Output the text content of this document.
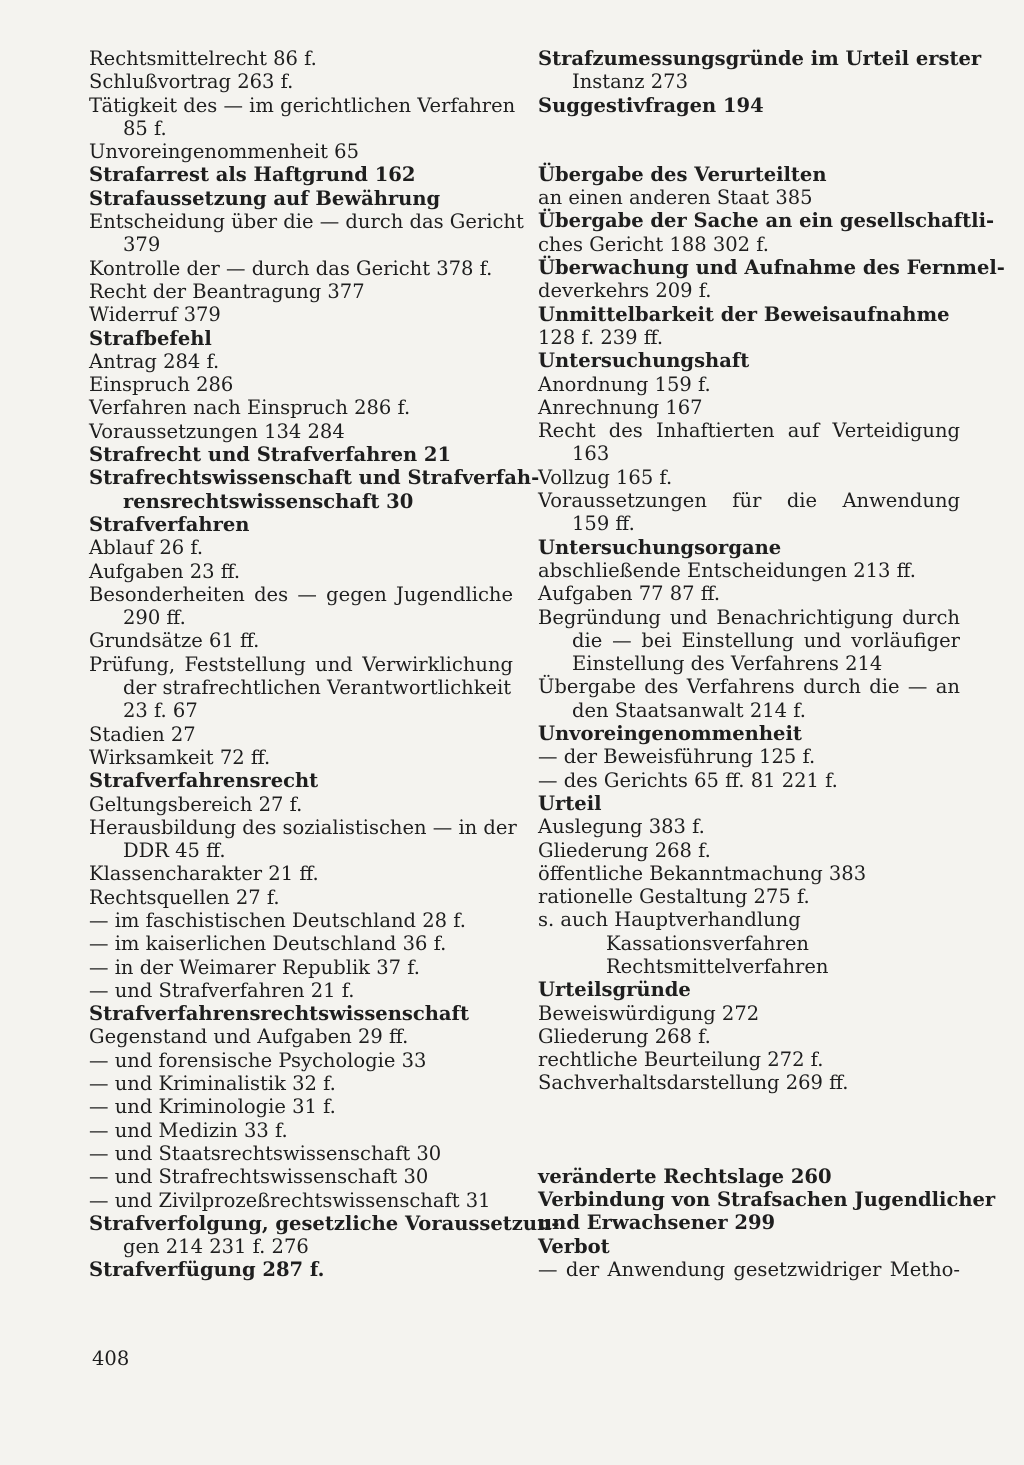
Rechtsmittelrecht 86 f.
Schlußvortrag 263 f.
Tätigkeit des — im gerichtlichen Verfahren
85 f.
Unvoreingenommenheit 65
Strafarrest als Haftgrund 162
Strafaussetzung auf Bewährung
Entscheidung über die — durch das Gericht
379
Kontrolle der — durch das Gericht 378 f.
Recht der Beantragung 377
Widerruf 379
Strafbefehl
Antrag 284 f.
Einspruch 286
Verfahren nach Einspruch 286 f.
Voraussetzungen 134 284
Strafrecht und Strafverfahren 21
Strafrechtswissenschaft und Strafverfah-
rensrechtswissenschaft 30
Strafverfahren
Ablauf 26 f.
Aufgaben 23 ff.
Besonderheiten des — gegen Jugendliche
290 ff.
Grundsätze 61 ff.
Prüfung, Feststellung und Verwirklichung
der strafrechtlichen Verantwortlichkeit
23 f. 67
Stadien 27
Wirksamkeit 72 ff.
Strafverfahrensrecht
Geltungsbereich 27 f.
Herausbildung des sozialistischen — in der
DDR 45 ff.
Klassencharakter 21 ff.
Rechtsquellen 27 f.
— im faschistischen Deutschland 28 f.
— im kaiserlichen Deutschland 36 f.
— in der Weimarer Republik 37 f.
— und Strafverfahren 21 f.
Strafverfahrensrechtswissenschaft
Gegenstand und Aufgaben 29 ff.
— und forensische Psychologie 33
— und Kriminalistik 32 f.
— und Kriminologie 31 f.
— und Medizin 33 f.
— und Staatsrechtswissenschaft 30
— und Strafrechtswissenschaft 30
— und Zivilprozeßrechtswissenschaft 31
Strafverfolgung, gesetzliche Voraussetzun-
gen 214 231 f. 276
Strafverfügung 287 f.
Strafzumessungsgründe im Urteil erster
Instanz 273
Suggestivfragen 194
Übergabe des Verurteilten
an einen anderen Staat 385
Übergabe der Sache an ein gesellschaftli-
ches Gericht 188 302 f.
Überwachung und Aufnahme des Fernmel-
deverkehrs 209 f.
Unmittelbarkeit der Beweisaufnahme
128 f. 239 ff.
Untersuchungshaft
Anordnung 159 f.
Anrechnung 167
Recht des Inhaftierten auf Verteidigung
163
Vollzug 165 f.
Voraussetzungen für die Anwendung
159 ff.
Untersuchungsorgane
abschließende Entscheidungen 213 ff.
Aufgaben 77 87 ff.
Begründung und Benachrichtigung durch
die — bei Einstellung und vorläufiger
Einstellung des Verfahrens 214
Übergabe des Verfahrens durch die — an
den Staatsanwalt 214 f.
Unvoreingenommenheit
— der Beweisführung 125 f.
— des Gerichts 65 ff. 81 221 f.
Urteil
Auslegung 383 f.
Gliederung 268 f.
öffentliche Bekanntmachung 383
rationelle Gestaltung 275 f.
s. auch Hauptverhandlung
Kassationsverfahren
Rechtsmittelverfahren
Urteilsgründe
Beweiswürdigung 272
Gliederung 268 f.
rechtliche Beurteilung 272 f.
Sachverhaltsdarstellung 269 ff.
veränderte Rechtslage 260
Verbindung von Strafsachen Jugendlicher
und Erwachsener 299
Verbot
— der Anwendung gesetzwidriger Metho-
408
